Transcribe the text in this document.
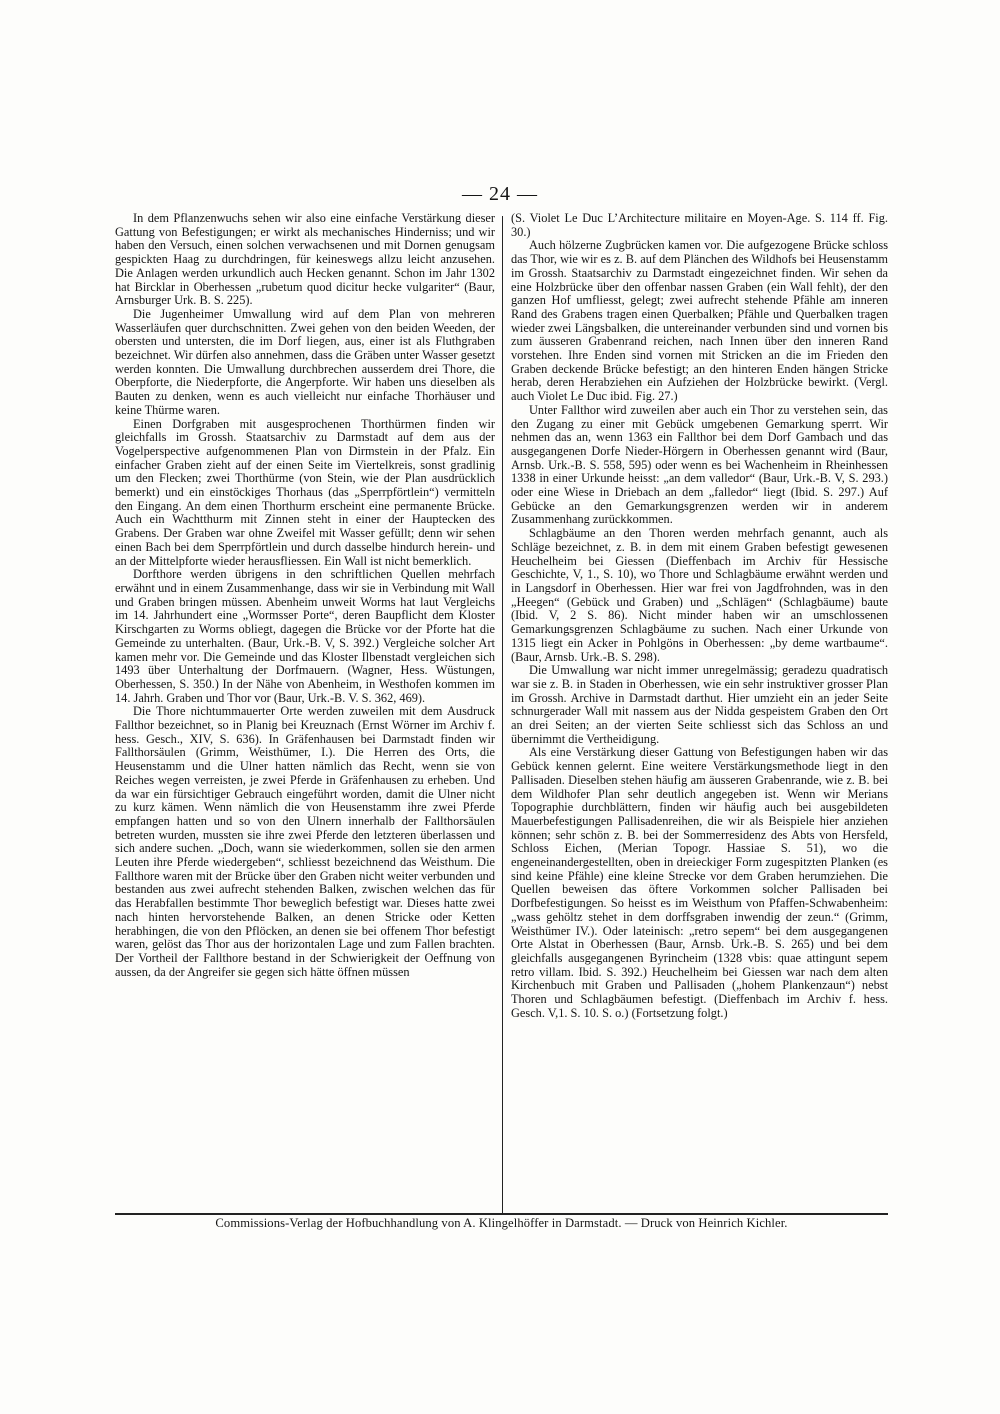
— 24 —

In dem Pflanzenwuchs sehen wir also eine einfache Verstärkung dieser Gattung von Befestigungen; er wirkt als mechanisches Hinderniss; und wir haben den Versuch, einen solchen verwachsenen und mit Dornen genugsam gespickten Haag zu durchdringen, für keineswegs allzu leicht anzusehen. Die Anlagen werden urkundlich auch Hecken genannt. Schon im Jahr 1302 hat Bircklar in Oberhessen „rubetum quod dicitur hecke vulgariter“ (Baur, Arnsburger Urk. B. S. 225).

Die Jugenheimer Umwallung wird auf dem Plan von mehreren Wasserläufen quer durchschnitten. Zwei gehen von den beiden Weeden, der obersten und untersten, die im Dorf liegen, aus, einer ist als Fluthgraben bezeichnet. Wir dürfen also annehmen, dass die Gräben unter Wasser gesetzt werden konnten. Die Umwallung durchbrechen ausserdem drei Thore, die Oberpforte, die Niederpforte, die Angerpforte. Wir haben uns dieselben als Bauten zu denken, wenn es auch vielleicht nur einfache Thorhäuser und keine Thürme waren.

Einen Dorfgraben mit ausgesprochenen Thorthürmen finden wir gleichfalls im Grossh. Staatsarchiv zu Darmstadt auf dem aus der Vogelperspective aufgenommenen Plan von Dirmstein in der Pfalz. Ein einfacher Graben zieht auf der einen Seite im Viertelkreis, sonst gradlinig um den Flecken; zwei Thorthürme (von Stein, wie der Plan ausdrücklich bemerkt) und ein einstöckiges Thorhaus (das „Sperrpförtlein“) vermitteln den Eingang. An dem einen Thorthurm erscheint eine permanente Brücke. Auch ein Wachtthurm mit Zinnen steht in einer der Hauptecken des Grabens. Der Graben war ohne Zweifel mit Wasser gefüllt; denn wir sehen einen Bach bei dem Sperrpförtlein und durch dasselbe hindurch herein- und an der Mittelpforte wieder herausfliessen. Ein Wall ist nicht bemerklich.

Dorfthore werden übrigens in den schriftlichen Quellen mehrfach erwähnt und in einem Zusammenhange, dass wir sie in Verbindung mit Wall und Graben bringen müssen. Abenheim unweit Worms hat laut Vergleichs im 14. Jahrhundert eine „Wormsser Porte“, deren Baupflicht dem Kloster Kirschgarten zu Worms obliegt, dagegen die Brücke vor der Pforte hat die Gemeinde zu unterhalten. (Baur, Urk.-B. V, S. 392.) Vergleiche solcher Art kamen mehr vor. Die Gemeinde und das Kloster Ilbenstadt vergleichen sich 1493 über Unterhaltung der Dorfmauern. (Wagner, Hess. Wüstungen, Oberhessen, S. 350.) In der Nähe von Abenheim, in Westhofen kommen im 14. Jahrh. Graben und Thor vor (Baur, Urk.-B. V. S. 362, 469).

Die Thore nichtummauerter Orte werden zuweilen mit dem Ausdruck Fallthor bezeichnet, so in Planig bei Kreuznach (Ernst Wörner im Archiv f. hess. Gesch., XIV, S. 636). In Gräfenhausen bei Darmstadt finden wir Fallthorsäulen (Grimm, Weisthümer, I.). Die Herren des Orts, die Heusenstamm und die Ulner hatten nämlich das Recht, wenn sie von Reiches wegen verreisten, je zwei Pferde in Gräfenhausen zu erheben. Und da war ein fürsichtiger Gebrauch eingeführt worden, damit die Ulner nicht zu kurz kämen. Wenn nämlich die von Heusenstamm ihre zwei Pferde empfangen hatten und so von den Ulnern innerhalb der Fallthorsäulen betreten wurden, mussten sie ihre zwei Pferde den letzteren überlassen und sich andere suchen. „Doch, wann sie wiederkommen, sollen sie den armen Leuten ihre Pferde wiedergeben“, schliesst bezeichnend das Weisthum. Die Fallthore waren mit der Brücke über den Graben nicht weiter verbunden und bestanden aus zwei aufrecht stehenden Balken, zwischen welchen das für das Herabfallen bestimmte Thor beweglich befestigt war. Dieses hatte zwei nach hinten hervorstehende Balken, an denen Stricke oder Ketten herabhingen, die von den Pflöcken, an denen sie bei offenem Thor befestigt waren, gelöst das Thor aus der horizontalen Lage und zum Fallen brachten. Der Vortheil der Fallthore bestand in der Schwierigkeit der Oeffnung von aussen, da der Angreifer sie gegen sich hätte öffnen müssen

(S. Violet Le Duc L’Architecture militaire en Moyen-Age. S. 114 ff. Fig. 30.)

Auch hölzerne Zugbrücken kamen vor. Die aufgezogene Brücke schloss das Thor, wie wir es z. B. auf dem Plänchen des Wildhofs bei Heusenstamm im Grossh. Staatsarchiv zu Darmstadt eingezeichnet finden. Wir sehen da eine Holzbrücke über den offenbar nassen Graben (ein Wall fehlt), der den ganzen Hof umfliesst, gelegt; zwei aufrecht stehende Pfähle am inneren Rand des Grabens tragen einen Querbalken; Pfähle und Querbalken tragen wieder zwei Längsbalken, die untereinander verbunden sind und vornen bis zum äusseren Grabenrand reichen, nach Innen über den inneren Rand vorstehen. Ihre Enden sind vornen mit Stricken an die im Frieden den Graben deckende Brücke befestigt; an den hinteren Enden hängen Stricke herab, deren Herabziehen ein Aufziehen der Holzbrücke bewirkt. (Vergl. auch Violet Le Duc ibid. Fig. 27.)

Unter Fallthor wird zuweilen aber auch ein Thor zu verstehen sein, das den Zugang zu einer mit Gebück umgebenen Gemarkung sperrt. Wir nehmen das an, wenn 1363 ein Fallthor bei dem Dorf Gambach und das ausgegangenen Dorfe Nieder-Hörgern in Oberhessen genannt wird (Baur, Arnsb. Urk.-B. S. 558, 595) oder wenn es bei Wachenheim in Rheinhessen 1338 in einer Urkunde heisst: „an dem valledor“ (Baur, Urk.-B. V, S. 293.) oder eine Wiese in Driebach an dem „falledor“ liegt (Ibid. S. 297.) Auf Gebücke an den Gemarkungsgrenzen werden wir in anderem Zusammenhang zurückkommen.

Schlagbäume an den Thoren werden mehrfach genannt, auch als Schläge bezeichnet, z. B. in dem mit einem Graben befestigt gewesenen Heuchelheim bei Giessen (Dieffenbach im Archiv für Hessische Geschichte, V, 1., S. 10), wo Thore und Schlagbäume erwähnt werden und in Langsdorf in Oberhessen. Hier war frei von Jagdfrohnden, was in den „Heegen“ (Gebück und Graben) und „Schlägen“ (Schlagbäume) baute (Ibid. V, 2 S. 86). Nicht minder haben wir an umschlossenen Gemarkungsgrenzen Schlagbäume zu suchen. Nach einer Urkunde von 1315 liegt ein Acker in Pohlgöns in Oberhessen: „by deme wartbaume“. (Baur, Arnsb. Urk.-B. S. 298).

Die Umwallung war nicht immer unregelmässig; geradezu quadratisch war sie z. B. in Staden in Oberhessen, wie ein sehr instruktiver grosser Plan im Grossh. Archive in Darmstadt darthut. Hier umzieht ein an jeder Seite schnurgerader Wall mit nassem aus der Nidda gespeistem Graben den Ort an drei Seiten; an der vierten Seite schliesst sich das Schloss an und übernimmt die Vertheidigung.

Als eine Verstärkung dieser Gattung von Befestigungen haben wir das Gebück kennen gelernt. Eine weitere Verstärkungsmethode liegt in den Pallisaden. Dieselben stehen häufig am äusseren Grabenrande, wie z. B. bei dem Wildhofer Plan sehr deutlich angegeben ist. Wenn wir Merians Topographie durchblättern, finden wir häufig auch bei ausgebildeten Mauerbefestigungen Pallisadenreihen, die wir als Beispiele hier anziehen können; sehr schön z. B. bei der Sommerresidenz des Abts von Hersfeld, Schloss Eichen, (Merian Topogr. Hassiae S. 51), wo die engeneinandergestellten, oben in dreieckiger Form zugespitzten Planken (es sind keine Pfähle) eine kleine Strecke vor dem Graben herumziehen. Die Quellen beweisen das öftere Vorkommen solcher Pallisaden bei Dorfbefestigungen. So heisst es im Weisthum von Pfaffen-Schwabenheim: „wass gehöltz stehet in dem dorffsgraben inwendig der zeun.“ (Grimm, Weisthümer IV.). Oder lateinisch: „retro sepem“ bei dem ausgegangenen Orte Alstat in Oberhessen (Baur, Arnsb. Urk.-B. S. 265) und bei dem gleichfalls ausgegangenen Byrincheim (1328 vbis: quae attingunt sepem retro villam. Ibid. S. 392.) Heuchelheim bei Giessen war nach dem alten Kirchenbuch mit Graben und Pallisaden („hohem Plankenzaun“) nebst Thoren und Schlagbäumen befestigt. (Dieffenbach im Archiv f. hess. Gesch. V,1. S. 10. S. o.) (Fortsetzung folgt.)

Commissions-Verlag der Hofbuchhandlung von A. Klingelhöffer in Darmstadt. — Druck von Heinrich Kichler.
